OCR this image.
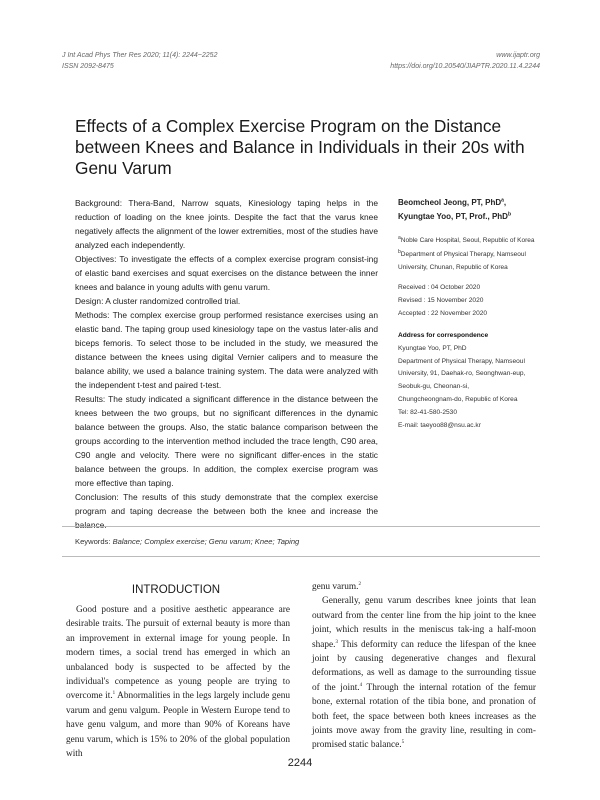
J Int Acad Phys Ther Res 2020; 11(4): 2244~2252
ISSN 2092-8475
www.ijaptr.org
https://doi.org/10.20540/JIAPTR.2020.11.4.2244
Effects of a Complex Exercise Program on the Distance between Knees and Balance in Individuals in their 20s with Genu Varum

Background: Thera-Band, Narrow squats, Kinesiology taping helps in the reduction of loading on the knee joints. Despite the fact that the varus knee negatively affects the alignment of the lower extremities, most of the studies have analyzed each independently.

Objectives: To investigate the effects of a complex exercise program consist-ing of elastic band exercises and squat exercises on the distance between the inner knees and balance in young adults with genu varum.

Design: A cluster randomized controlled trial.

Methods: The complex exercise group performed resistance exercises using an elastic band. The taping group used kinesiology tape on the vastus later-alis and biceps femoris. To select those to be included in the study, we measured the distance between the knees using digital Vernier calipers and to measure the balance ability, we used a balance training system. The data were analyzed with the independent t-test and paired t-test.

Results: The study indicated a significant difference in the distance between the knees between the two groups, but no significant differences in the dynamic balance between the groups. Also, the static balance comparison between the groups according to the intervention method included the trace length, C90 area, C90 angle and velocity. There were no significant differ-ences in the static balance between the groups. In addition, the complex exercise program was more effective than taping.

Conclusion: The results of this study demonstrate that the complex exercise program and taping decrease the between both the knee and increase the balance.

Beomcheol Jeong, PT, PhD$^a$,
Kyungtae Yoo, PT, Prof., PhD$^b$

$^a$Noble Care Hospital, Seoul, Republic of Korea

$^b$Department of Physical Therapy, Namseoul University, Chunan, Republic of Korea

Received : 04 October 2020
Revised : 15 November 2020
Accepted : 22 November 2020
Address for correspondence
Kyungtae Yoo, PT, PhD
Department of Physical Therapy, Namseoul
University, 91, Daehak-ro, Seonghwan-eup,
Seobuk-gu, Cheonan-si,
Chungcheongnam-do, Republic of Korea
Tel: 82-41-580-2530
E-mail: taeyoo88@nsu.ac.kr
Keywords: Balance; Complex exercise; Genu varum; Knee; Taping
INTRODUCTION

Good posture and a positive aesthetic appearance are desirable traits. The pursuit of external beauty is more than an improvement in external image for young people. In modern times, a social trend has emerged in which an unbalanced body is suspected to be affected by the individual's competence as young people are trying to overcome it.$^1$ Abnormalities in the legs largely include genu varum and genu valgum. People in Western Europe tend to have genu valgum, and more than 90% of Koreans have genu varum, which is 15% to 20% of the global population with

genu varum.$^2$

Generally, genu varum describes knee joints that lean outward from the center line from the hip joint to the knee joint, which results in the meniscus tak-ing a half-moon shape.$^3$ This deformity can reduce the lifespan of the knee joint by causing degenerative changes and flexural deformations, as well as damage to the surrounding tissue of the joint.$^4$ Through the internal rotation of the femur bone, external rotation of the tibia bone, and pronation of both feet, the space between both knees increases as the joints move away from the gravity line, resulting in com-promised static balance.$^5$

2244
